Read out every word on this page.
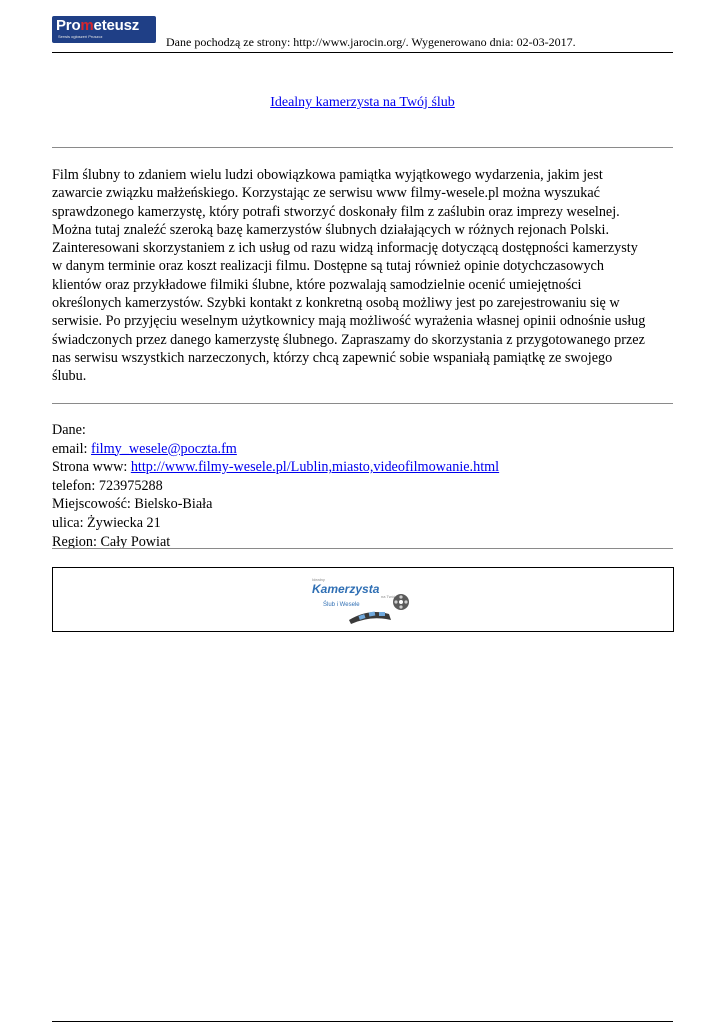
Prometeusz
Serwis ogłoszeń Pruszcz	Dane pochodzą ze strony: http://www.jarocin.org/. Wygenerowano dnia: 02-03-2017.
Idealny kamerzysta na Twój ślub
Film ślubny to zdaniem wielu ludzi obowiązkowa pamiątka wyjątkowego wydarzenia, jakim jest
zawarcie związku małżeńskiego. Korzystając ze serwisu www filmy-wesele.pl można wyszukać
sprawdzonego kamerzystę, który potrafi stworzyć doskonały film z zaślubin oraz imprezy weselnej.
Można tutaj znaleźć szeroką bazę kamerzystów ślubnych działających w różnych rejonach Polski.
Zainteresowani skorzystaniem z ich usług od razu widzą informację dotyczącą dostępności kamerzysty
w danym terminie oraz koszt realizacji filmu. Dostępne są tutaj również opinie dotychczasowych
klientów oraz przykładowe filmiki ślubne, które pozwalają samodzielnie ocenić umiejętności
określonych kamerzystów. Szybki kontakt z konkretną osobą możliwy jest po zarejestrowaniu się w
serwisie. Po przyjęciu weselnym użytkownicy mają możliwość wyrażenia własnej opinii odnośnie usług
świadczonych przez danego kamerzystę ślubnego. Zapraszamy do skorzystania z przygotowanego przez
nas serwisu wszystkich narzeczonych, którzy chcą zapewnić sobie wspaniałą pamiątkę ze swojego
ślubu.
Dane:
email: filmy_wesele@poczta.fm
Strona www: http://www.filmy-wesele.pl/Lublin,miasto,videofilmowanie.html
telefon: 723975288
Miejscowość: Bielsko-Biała
ulica: Żywiecka 21
Region: Cały Powiat
Idealny
Kamerzysta
na Twój
Ślub i Wesele
